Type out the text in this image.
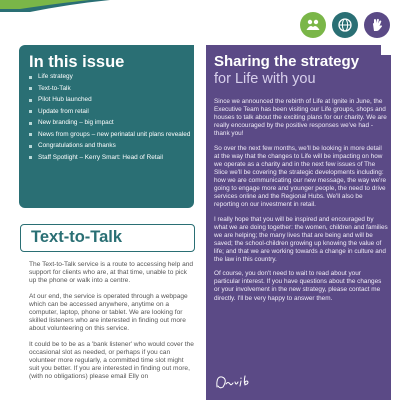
In this issue
Life strategy
Text-to-Talk
Pilot Hub launched
Update from retail
New branding – big impact
News from groups – new perinatal unit plans revealed
Congratulations and thanks
Staff Spotlight – Kerry Smart: Head of Retail
Text-to-Talk

The Text-to-Talk service is a route to accessing help and support for clients who are, at that time, unable to pick up the phone or walk into a centre.

At our end, the service is operated through a webpage which can be accessed anywhere, anytime on a computer, laptop, phone or tablet. We are looking for skilled listeners who are interested in finding out more about volunteering on this service.

It could be to be as a 'bank listener' who would cover the occasional slot as needed, or perhaps if you can volunteer more regularly, a committed time slot might suit you better. If you are interested in finding out more, (with no obligations) please email Elly on

Sharing the strategy
for Life with you

Since we announced the rebirth of Life at Ignite in June, the Executive Team has been visiting our Life groups, shops and houses to talk about the exciting plans for our charity. We are really encouraged by the positive responses we've had - thank you!

So over the next few months, we'll be looking in more detail at the way that the changes to Life will be impacting on how we operate as a charity and in the next few issues of The Slice we'll be covering the strategic developments including: how we are communicating our new message, the way we're going to engage more and younger people, the need to drive services online and the Regional Hubs. We'll also be reporting on our investment in retail.

I really hope that you will be inspired and encouraged by what we are doing together: the women, children and families we are helping; the many lives that are being and will be saved; the school-children growing up knowing the value of life; and that we are working towards a change in culture and the law in this country.

Of course, you don't need to wait to read about your particular interest. If you have questions about the changes or your involvement in the new strategy, please contact me directly. I'll be very happy to answer them.
